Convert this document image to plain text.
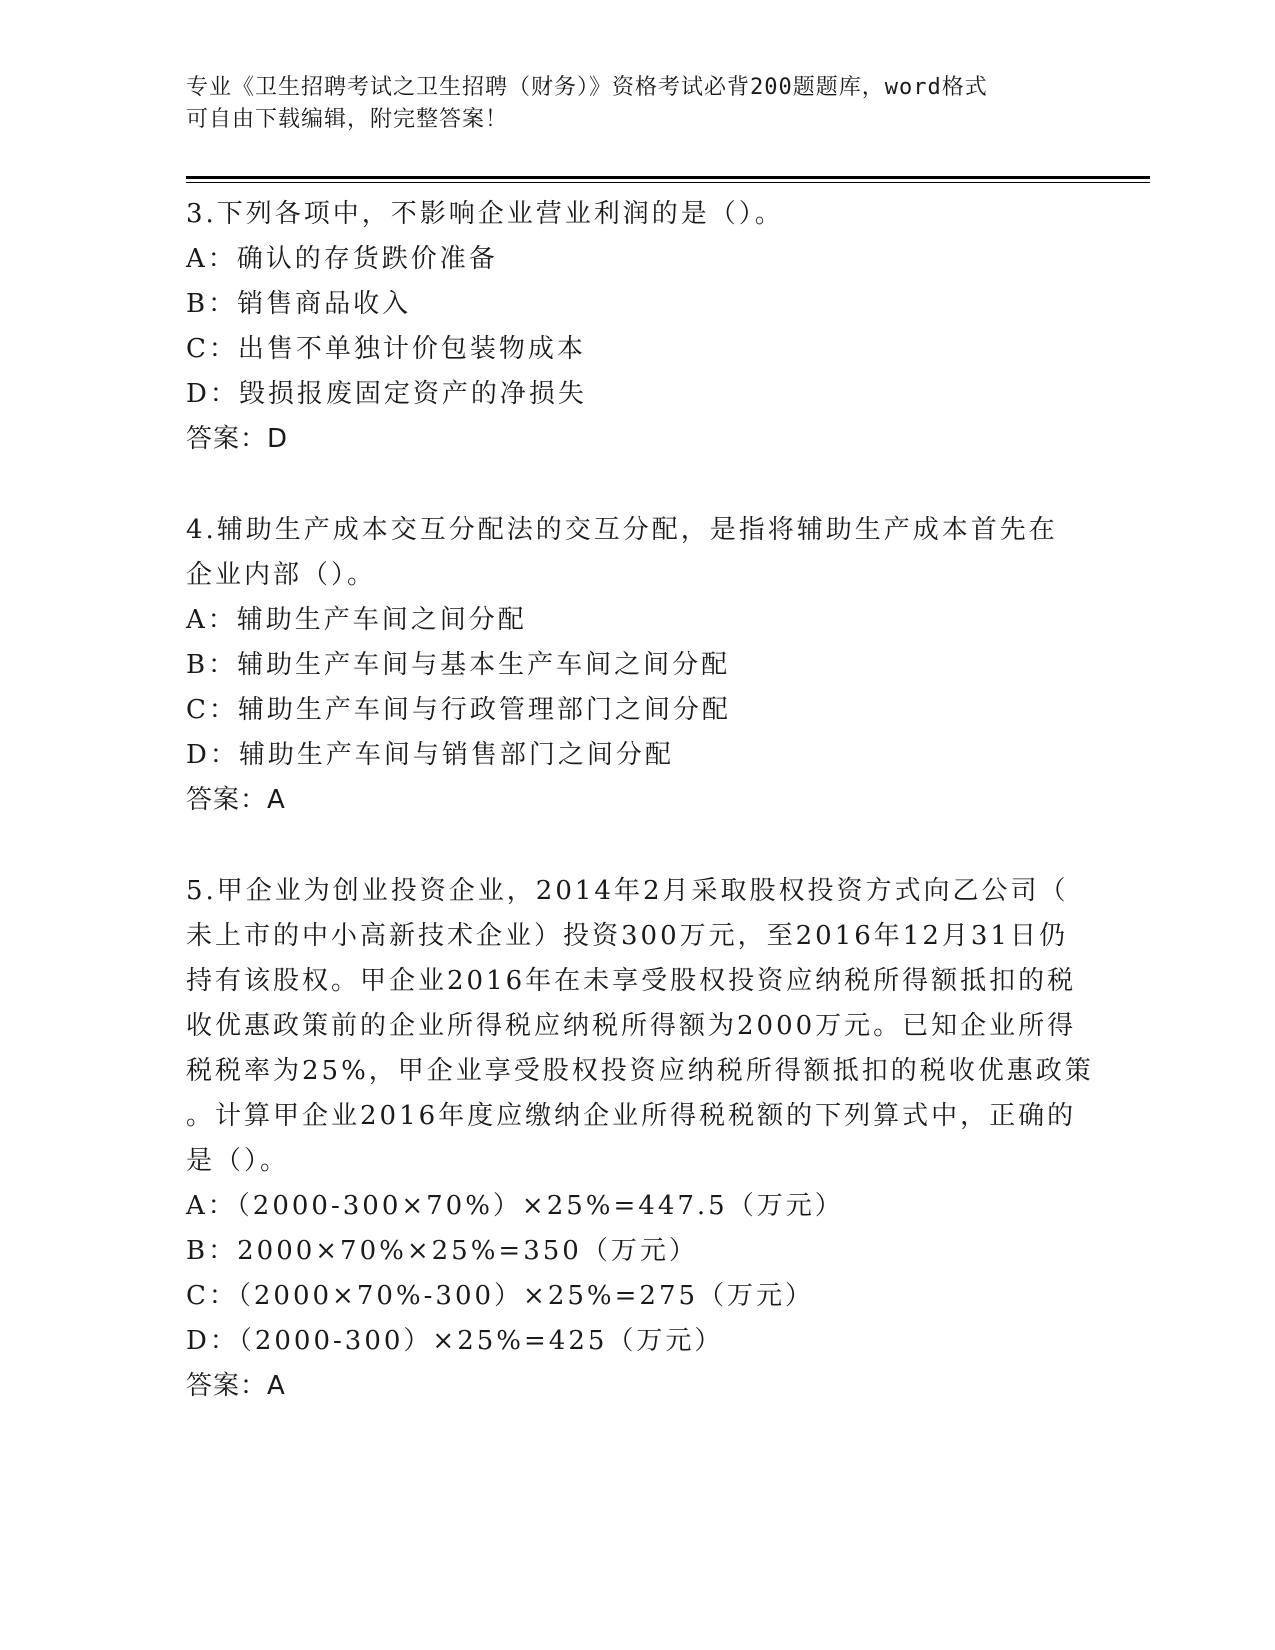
专业《卫生招聘考试之卫生招聘（财务）》资格考试必背200题题库，word格式
可自由下载编辑，附完整答案！
3.下列各项中，不影响企业营业利润的是（）。
A：确认的存货跌价准备
B：销售商品收入
C：出售不单独计价包装物成本
D：毁损报废固定资产的净损失
答案：D
4.辅助生产成本交互分配法的交互分配，是指将辅助生产成本首先在
企业内部（）。
A：辅助生产车间之间分配
B：辅助生产车间与基本生产车间之间分配
C：辅助生产车间与行政管理部门之间分配
D：辅助生产车间与销售部门之间分配
答案：A
5.甲企业为创业投资企业，2014年2月采取股权投资方式向乙公司（
未上市的中小高新技术企业）投资300万元，至2016年12月31日仍
持有该股权。甲企业2016年在未享受股权投资应纳税所得额抵扣的税
收优惠政策前的企业所得税应纳税所得额为2000万元。已知企业所得
税税率为25%，甲企业享受股权投资应纳税所得额抵扣的税收优惠政策
。计算甲企业2016年度应缴纳企业所得税税额的下列算式中，正确的
是（）。
A：（2000-300×70%）×25%=447.5（万元）
B：2000×70%×25%=350（万元）
C：（2000×70%-300）×25%=275（万元）
D：（2000-300）×25%=425（万元）
答案：A
